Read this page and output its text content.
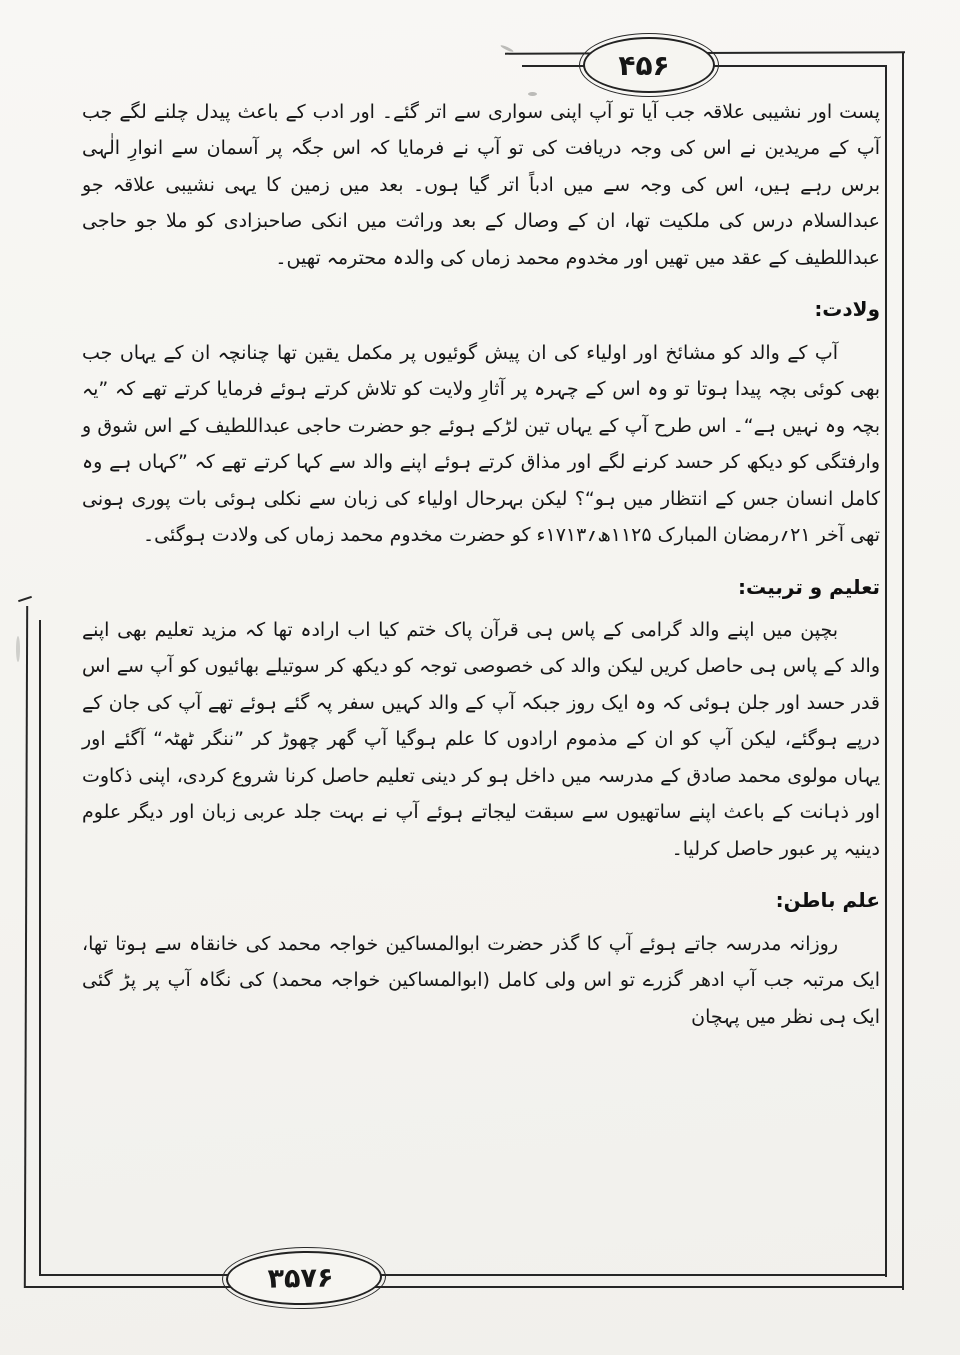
۴۵۶

پست اور نشیبی علاقہ جب آیا تو آپ اپنی سواری سے اتر گئے۔ اور ادب کے باعث پیدل چلنے لگے جب آپ کے مریدین نے اس کی وجہ دریافت کی تو آپ نے فرمایا کہ اس جگہ پر آسمان سے انوارِ الٰہی برس رہے ہیں، اس کی وجہ سے میں ادباً اتر گیا ہوں۔ بعد میں زمین کا یہی نشیبی علاقہ جو عبدالسلام درس کی ملکیت تھا، ان کے وصال کے بعد وراثت میں انکی صاحبزادی کو ملا جو حاجی عبداللطیف کے عقد میں تھیں اور مخدوم محمد زماں کی والدہ محترمہ تھیں۔

ولادت:

آپ کے والد کو مشائخ اور اولیاء کی ان پیش گوئیوں پر مکمل یقین تھا چنانچہ ان کے یہاں جب بھی کوئی بچہ پیدا ہوتا تو وہ اس کے چہرہ پر آثارِ ولایت کو تلاش کرتے ہوئے فرمایا کرتے تھے کہ ”یہ بچہ وہ نہیں ہے“۔ اس طرح آپ کے یہاں تین لڑکے ہوئے جو حضرت حاجی عبداللطیف کے اس شوق و وارفتگی کو دیکھ کر حسد کرنے لگے اور مذاق کرتے ہوئے اپنے والد سے کہا کرتے تھے کہ ”کہاں ہے وہ کامل انسان جس کے انتظار میں ہو“؟ لیکن بہرحال اولیاء کی زبان سے نکلی ہوئی بات پوری ہونی تھی آخر ۲۱؍رمضان المبارک ۱۱۲۵ھ؍۱۷۱۳ء کو حضرت مخدوم محمد زماں کی ولادت ہوگئی۔

تعلیم و تربیت:

بچپن میں اپنے والد گرامی کے پاس ہی قرآن پاک ختم کیا اب ارادہ تھا کہ مزید تعلیم بھی اپنے والد کے پاس ہی حاصل کریں لیکن والد کی خصوصی توجہ کو دیکھ کر سوتیلے بھائیوں کو آپ سے اس قدر حسد اور جلن ہوئی کہ وہ ایک روز جبکہ آپ کے والد کہیں سفر پہ گئے ہوئے تھے آپ کی جان کے درپے ہوگئے، لیکن آپ کو ان کے مذموم ارادوں کا علم ہوگیا آپ گھر چھوڑ کر ”ننگر ٹھٹہ“ آگئے اور یہاں مولوی محمد صادق کے مدرسہ میں داخل ہو کر دینی تعلیم حاصل کرنا شروع کردی، اپنی ذکاوت اور ذہانت کے باعث اپنے ساتھیوں سے سبقت لیجاتے ہوئے آپ نے بہت جلد عربی زبان اور دیگر علوم دینیہ پر عبور حاصل کرلیا۔

علم باطن:

روزانہ مدرسہ جاتے ہوئے آپ کا گذر حضرت ابوالمساکین خواجہ محمد کی خانقاہ سے ہوتا تھا، ایک مرتبہ جب آپ ادھر گزرے تو اس ولی کامل (ابوالمساکین خواجہ محمد) کی نگاہ آپ پر پڑ گئی ایک ہی نظر میں پہچان

۳۵۷۶
